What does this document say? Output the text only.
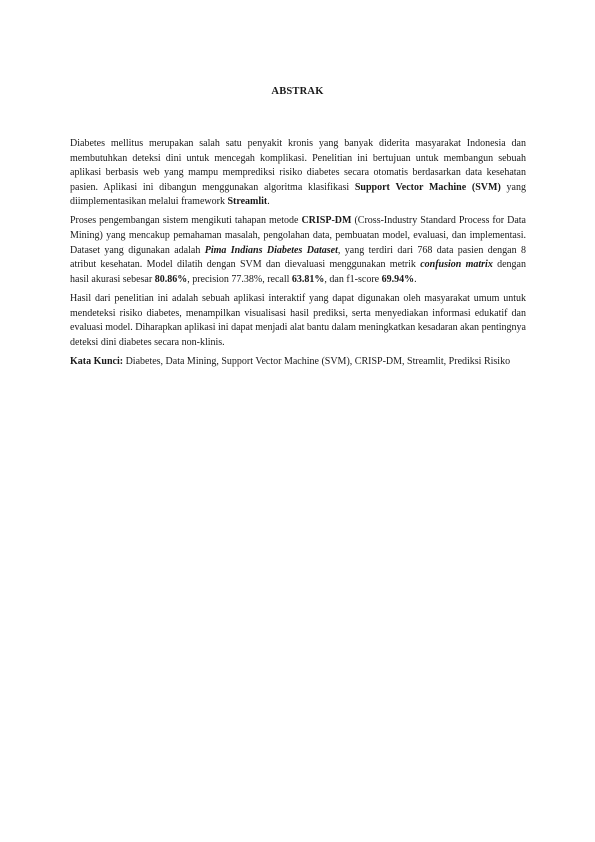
ABSTRAK

Diabetes mellitus merupakan salah satu penyakit kronis yang banyak diderita masyarakat Indonesia dan membutuhkan deteksi dini untuk mencegah komplikasi. Penelitian ini bertujuan untuk membangun sebuah aplikasi berbasis web yang mampu memprediksi risiko diabetes secara otomatis berdasarkan data kesehatan pasien. Aplikasi ini dibangun menggunakan algoritma klasifikasi Support Vector Machine (SVM) yang diimplementasikan melalui framework Streamlit.

Proses pengembangan sistem mengikuti tahapan metode CRISP-DM (Cross-Industry Standard Process for Data Mining) yang mencakup pemahaman masalah, pengolahan data, pembuatan model, evaluasi, dan implementasi. Dataset yang digunakan adalah Pima Indians Diabetes Dataset, yang terdiri dari 768 data pasien dengan 8 atribut kesehatan. Model dilatih dengan SVM dan dievaluasi menggunakan metrik confusion matrix dengan hasil akurasi sebesar 80.86%, precision 77.38%, recall 63.81%, dan f1-score 69.94%.

Hasil dari penelitian ini adalah sebuah aplikasi interaktif yang dapat digunakan oleh masyarakat umum untuk mendeteksi risiko diabetes, menampilkan visualisasi hasil prediksi, serta menyediakan informasi edukatif dan evaluasi model. Diharapkan aplikasi ini dapat menjadi alat bantu dalam meningkatkan kesadaran akan pentingnya deteksi dini diabetes secara non-klinis.

Kata Kunci: Diabetes, Data Mining, Support Vector Machine (SVM), CRISP-DM, Streamlit, Prediksi Risiko
